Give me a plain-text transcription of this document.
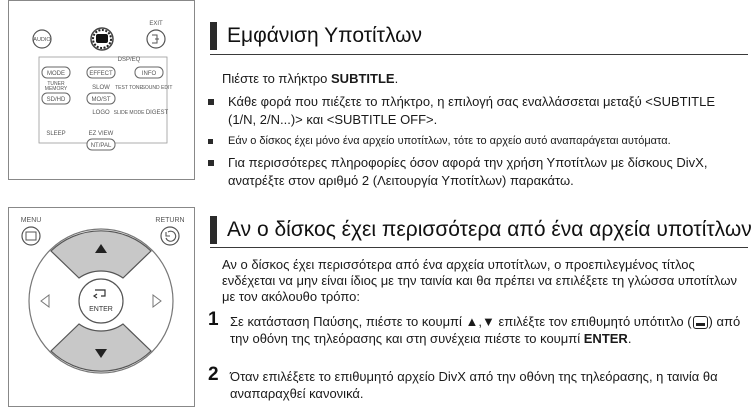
AUDIO
EXIT
DSP/EQ
MODE	EFFECT	INFO
TUNER
MEMORY	SLOW TEST TONE
SOUND EDIT
SD/HD	MO/ST
LOGO SLIDE MODE DIGEST
SLEEP	EZ VIEW
NT/PAL
MENU	RETURN
ENTER
Εμφάνιση Υποτίτλων
Πιέστε το πλήκτρο SUBTITLE.
Κάθε φορά που πιέζετε το πλήκτρο, η επιλογή σας εναλλάσσεται μεταξύ <SUBTITLE (1/N, 2/N...)> και <SUBTITLE OFF>.
Εάν ο δίσκος έχει μόνο ένα αρχείο υποτίτλων, τότε το αρχείο αυτό αναπαράγεται αυτόματα.
Για περισσότερες πληροφορίες όσον αφορά την χρήση Υποτίτλων με δίσκους DivX, ανατρέξτε στον αριθμό 2 (Λειτουργία Υποτίτλων) παρακάτω.
Αν ο δίσκος έχει περισσότερα από ένα αρχεία υποτίτλων
Αν ο δίσκος έχει περισσότερα από ένα αρχεία υποτίτλων, ο προεπιλεγμένος τίτλος ενδέχεται να μην είναι ίδιος με την ταινία και θα πρέπει να επιλέξετε τη γλώσσα υποτίτλων με τον ακόλουθο τρόπο:
1 Σε κατάσταση Παύσης, πιέστε το κουμπί ▲,▼ επιλέξτε τον επιθυμητό υπότιτλο ( ) από την οθόνη της τηλεόρασης και στη συνέχεια πιέστε το κουμπί ENTER.
2 Όταν επιλέξετε το επιθυμητό αρχείο DivX από την οθόνη της τηλεόρασης, η ταινία θα αναπαραχθεί κανονικά.
